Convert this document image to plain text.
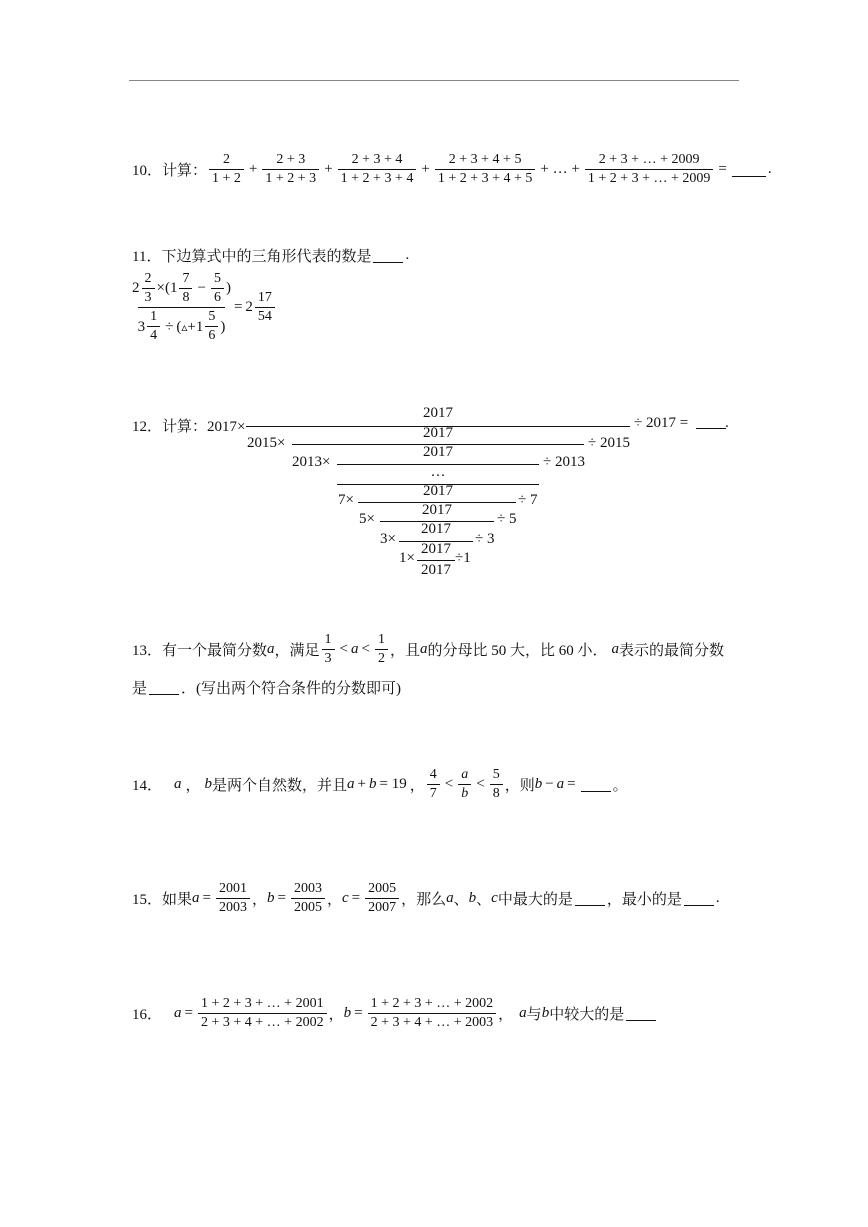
10．计算： $\frac{2}{1 + 2} + \frac{2 + 3}{1 + 2 + 3} + \frac{2 + 3 + 4}{1 + 2 + 3 + 4} + \frac{2 + 3 + 4 + 5}{1 + 2 + 3 + 4 + 5}$ + … + $\frac{2 + 3 + \dots + 2009}{1 + 2 + 3 + \dots + 2009}$ =	.
11．下边算式中的三角形代表的数是 .
$2 \frac{2}{3}$ × ( $1 \frac{7}{8} - \frac{5}{6}$ )
$3 \frac{1}{4}$ ÷ ( ▵ $+1 \frac{5}{6}$ )
= $2 \frac{17}{54}$
12．计算：2017×
2017
÷ 2017 = .
2015×
2017
÷ 2015
2013×
2017
÷ 2013
…
7×
2017
÷ 7
5×
2017
÷ 5
3×
2017
÷ 3
1×
2017
2017
÷1
13．有一个最简分数 a ，满足 $\frac{1}{3} < a < \frac{1}{2}$ ，且 a 的分母比 50 大，比 60 小． a 表示的最简分数
是 ．(写出两个符合条件的分数即可)
14． a ， b 是两个自然数，并且 a + b = 19 ， $\frac{4}{7} < \frac{a}{b} < \frac{5}{8}$ ，则 b − a = 。
15．如果 $a = \frac{2001}{2003}$ ， $b = \frac{2003}{2005}$ ， $c = \frac{2005}{2007}$ ，那么 a 、 b 、 c 中最大的是 ，最小的是 .
16． $a = \frac{1 + 2 + 3 + \dots + 2001}{2 + 3 + 4 + \dots + 2002}$ ， $b = \frac{1 + 2 + 3 + \dots + 2002}{2 + 3 + 4 + \dots + 2003}$ ， a 与 b 中较大的是
